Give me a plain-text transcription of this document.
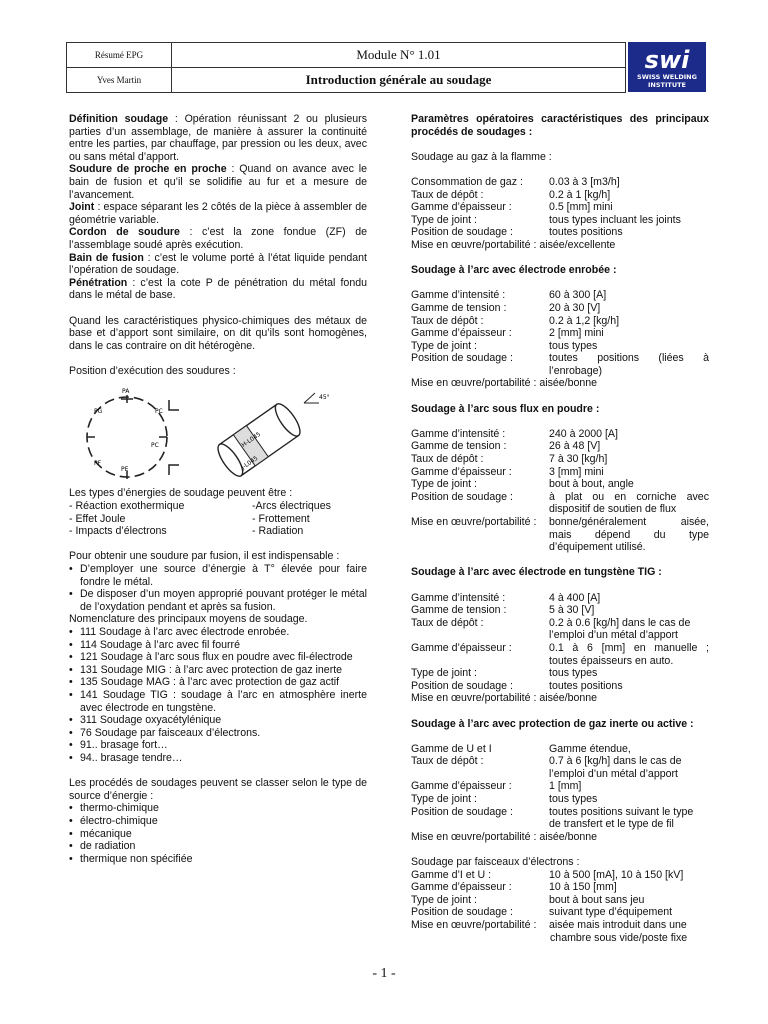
Résumé EPG	Module N° 1.01
Yves Martin	Introduction générale au soudage
swi
SWISS WELDING
INSTITUTE

Définition soudage : Opération réunissant 2 ou plusieurs parties d’un assemblage, de manière à assurer la continuité entre les parties, par chauffage, par pression ou les deux, avec ou sans métal d’apport.

Soudure de proche en proche : Quand on avance avec le bain de fusion et qu’il se solidifie au fur et a mesure de l’avancement.

Joint : espace séparant les 2 côtés de la pièce à assembler de géométrie variable.

Cordon de soudure : c’est la zone fondue (ZF) de l’assemblage soudé après exécution.

Bain de fusion : c’est le volume porté à l’état liquide pendant l’opération de soudage.

Pénétration : c’est la cote P de pénétration du métal fondu dans le métal de base.

Quand les caractéristiques physico-chimiques des métaux de base et d’apport sont similaire, on dit qu’ils sont homogènes, dans le cas contraire on dit hétérogène.

Position d’exécution des soudures :

PA
PG	PC
PF
PC
PE
H-L045
J-L045
45°

Les types d’énergies de soudage peuvent être :

- Réaction exothermique	-Arcs électriques
- Effet Joule	- Frottement
- Impacts d’électrons	- Radiation

Pour obtenir une soudure par fusion, il est indispensable :

• D’employer une source d’énergie à T° élevée pour faire fondre le métal.
• De disposer d’un moyen approprié pouvant protéger le métal de l’oxydation pendant et après sa fusion.

Nomenclature des principaux moyens de soudage.

• 111 Soudage à l’arc avec électrode enrobée.
• 114 Soudage à l’arc avec fil fourré
• 121 Soudage à l’arc sous flux en poudre avec fil-électrode
• 131 Soudage MIG : à l’arc avec protection de gaz inerte
• 135 Soudage MAG : à l’arc avec protection de gaz actif
• 141 Soudage TIG : soudage à l’arc en atmosphère inerte avec électrode en tungstène.
• 311 Soudage oxyacétylénique
• 76 Soudage par faisceaux d’électrons.
• 91.. brasage fort…
• 94.. brasage tendre…

Les procédés de soudages peuvent se classer selon le type de source d’énergie :

• thermo-chimique
• électro-chimique
• mécanique
• de radiation
• thermique non spécifiée

Paramètres opératoires caractéristiques des principaux procédés de soudages :

Soudage au gaz à la flamme :

Consommation de gaz :	0.03 à 3 [m3/h]
Taux de dépôt :	0.2 à 1 [kg/h]
Gamme d’épaisseur :	0.5 [mm] mini
Type de joint :	tous types incluant les joints
Position de soudage :	toutes positions

Mise en œuvre/portabilité : aisée/excellente

Soudage à l’arc avec électrode enrobée :

Gamme d’intensité :	60 à 300 [A]
Gamme de tension :	20 à 30 [V]
Taux de dépôt :	0.2 à 1,2 [kg/h]
Gamme d’épaisseur :	2 [mm] mini
Type de joint :	tous types
Position de soudage :	toutes positions (liées à
l’enrobage)

Mise en œuvre/portabilité : aisée/bonne

Soudage à l’arc sous flux en poudre :

Gamme d’intensité :	240 à 2000 [A]
Gamme de tension :	26 à 48 [V]
Taux de dépôt :	7 à 30 [kg/h]
Gamme d’épaisseur :	3 [mm] mini
Type de joint :	bout à bout, angle
Position de soudage :	à plat ou en corniche avec
dispositif de soutien de flux
Mise en œuvre/portabilité :	bonne/généralement aisée,
mais dépend du type
d’équipement utilisé.

Soudage à l’arc avec électrode en tungstène TIG :

Gamme d’intensité :	4 à 400 [A]
Gamme de tension :	5 à 30 [V]
Taux de dépôt :	0.2 à 0.6 [kg/h] dans le cas de
l’emploi d’un métal d’apport
Gamme d’épaisseur :	0.1 à 6 [mm] en manuelle ;
toutes épaisseurs en auto.
Type de joint :	tous types
Position de soudage :	toutes positions

Mise en œuvre/portabilité : aisée/bonne

Soudage à l’arc avec protection de gaz inerte ou active :

Gamme de U et I	Gamme étendue,
Taux de dépôt :	0.7 à 6 [kg/h] dans le cas de
l’emploi d’un métal d’apport
Gamme d’épaisseur :	1 [mm]
Type de joint :	tous types
Position de soudage :	toutes positions suivant le type
de transfert et le type de fil

Mise en œuvre/portabilité : aisée/bonne

Soudage par faisceaux d’électrons :

Gamme d’I et U :	10 à 500 [mA], 10 à 150 [kV]
Gamme d’épaisseur :	10 à 150 [mm]
Type de joint :	bout à bout sans jeu
Position de soudage :	suivant type d’équipement
Mise en œuvre/portabilité :	aisée mais introduit dans une
chambre sous vide/poste fixe
- 1 -
